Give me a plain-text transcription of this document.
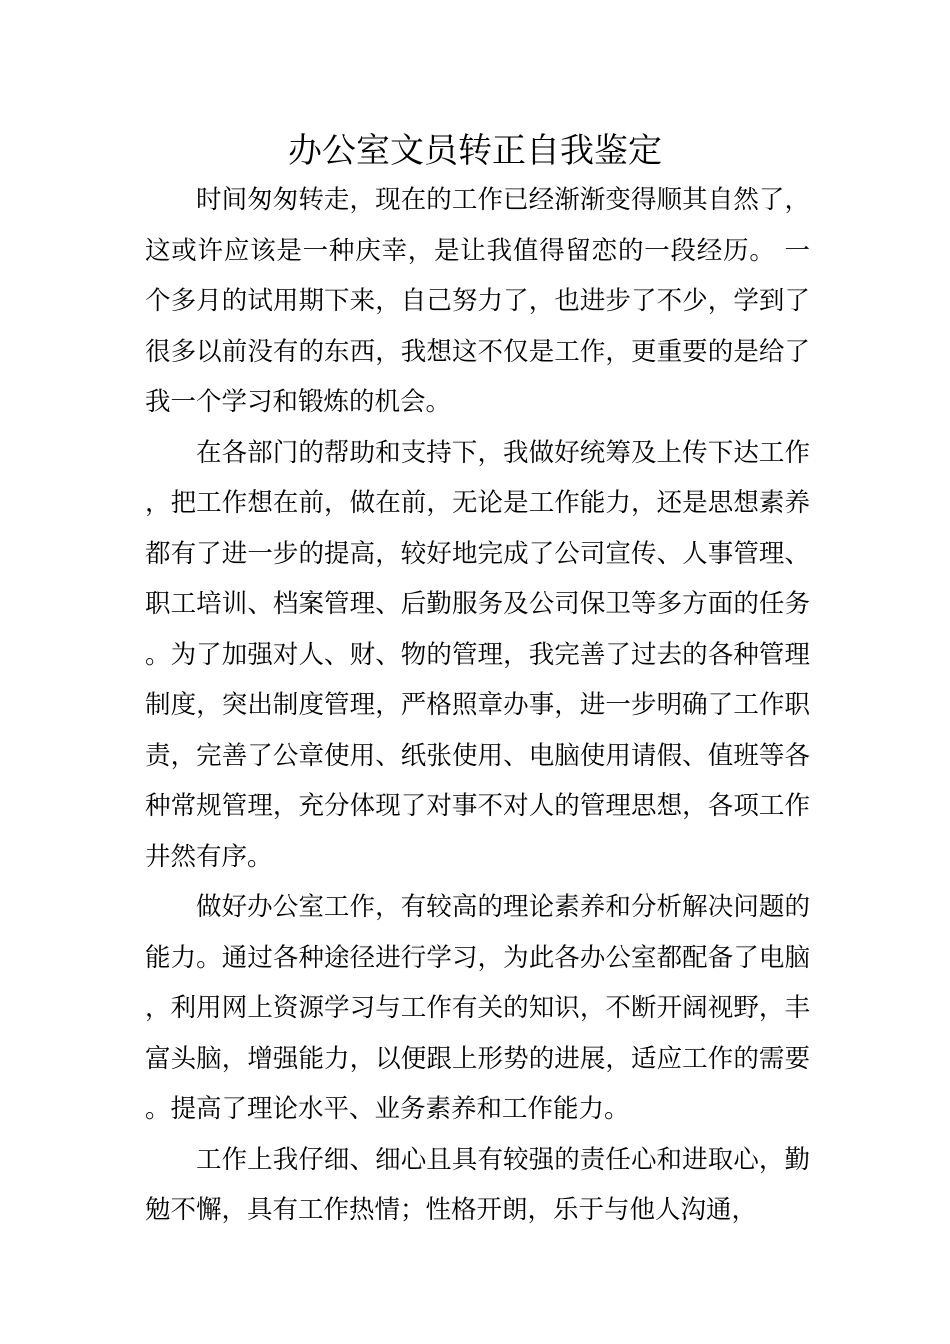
办公室文员转正自我鉴定

时间匆匆转走，现在的工作已经渐渐变得顺其自然了，这或许应该是一种庆幸，是让我值得留恋的一段经历。 一个多月的试用期下来，自己努力了，也进步了不少，学到了很多以前没有的东西，我想这不仅是工作，更重要的是给了我一个学习和锻炼的机会。

在各部门的帮助和支持下，我做好统筹及上传下达工作，把工作想在前，做在前，无论是工作能力，还是思想素养都有了进一步的提高，较好地完成了公司宣传、人事管理、职工培训、档案管理、后勤服务及公司保卫等多方面的任务。为了加强对人、财、物的管理，我完善了过去的各种管理制度，突出制度管理，严格照章办事，进一步明确了工作职责，完善了公章使用、纸张使用、电脑使用请假、值班等各种常规管理，充分体现了对事不对人的管理思想，各项工作井然有序。

做好办公室工作，有较高的理论素养和分析解决问题的能力。通过各种途径进行学习，为此各办公室都配备了电脑，利用网上资源学习与工作有关的知识，不断开阔视野，丰富头脑，增强能力，以便跟上形势的进展，适应工作的需要。提高了理论水平、业务素养和工作能力。

工作上我仔细、细心且具有较强的责任心和进取心，勤勉不懈，具有工作热情；性格开朗，乐于与他人沟通，
